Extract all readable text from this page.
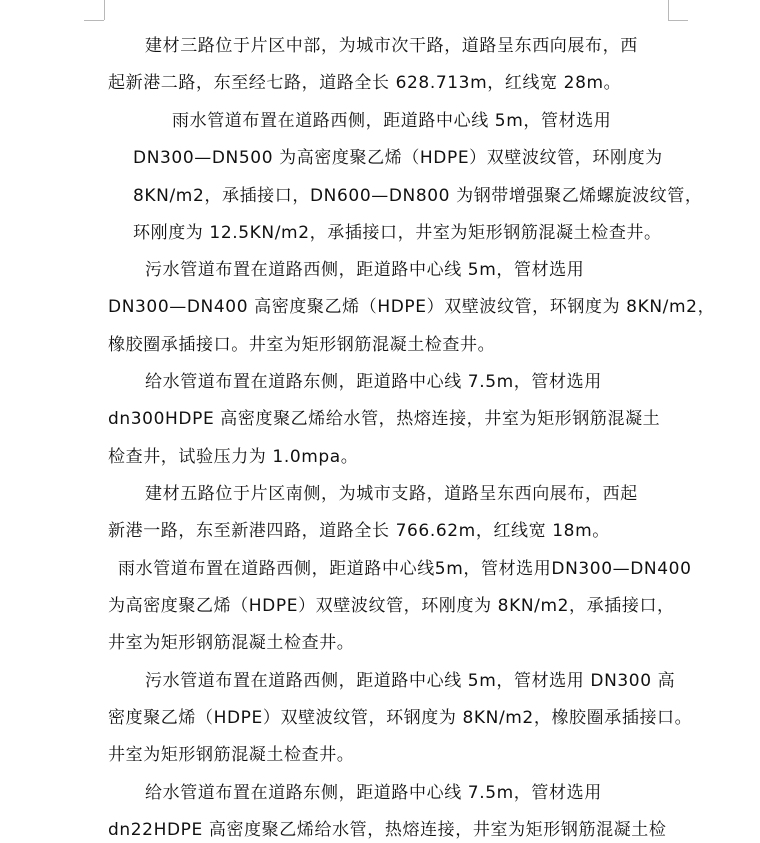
建材三路位于片区中部，为城市次干路，道路呈东西向展布，西
起新港二路，东至经七路，道路全长 628.713m，红线宽 28m。
雨水管道布置在道路西侧，距道路中心线 5m，管材选用
DN300—DN500 为高密度聚乙烯（HDPE）双壁波纹管，环刚度为
8KN/m2，承插接口，DN600—DN800 为钢带增强聚乙烯螺旋波纹管，
环刚度为 12.5KN/m2，承插接口，井室为矩形钢筋混凝土检查井。
污水管道布置在道路西侧，距道路中心线 5m，管材选用
DN300—DN400 高密度聚乙烯（HDPE）双壁波纹管，环钢度为 8KN/m2，
橡胶圈承插接口。井室为矩形钢筋混凝土检查井。
给水管道布置在道路东侧，距道路中心线 7.5m，管材选用
dn300HDPE 高密度聚乙烯给水管，热熔连接，井室为矩形钢筋混凝土
检查井，试验压力为 1.0mpa。
建材五路位于片区南侧，为城市支路，道路呈东西向展布，西起
新港一路，东至新港四路，道路全长 766.62m，红线宽 18m。
雨水管道布置在道路西侧，距道路中心线5m，管材选用DN300—DN400
为高密度聚乙烯（HDPE）双壁波纹管，环刚度为 8KN/m2，承插接口，
井室为矩形钢筋混凝土检查井。
污水管道布置在道路西侧，距道路中心线 5m，管材选用 DN300 高
密度聚乙烯（HDPE）双壁波纹管，环钢度为 8KN/m2，橡胶圈承插接口。
井室为矩形钢筋混凝土检查井。
给水管道布置在道路东侧，距道路中心线 7.5m，管材选用
dn22HDPE 高密度聚乙烯给水管，热熔连接，井室为矩形钢筋混凝土检
